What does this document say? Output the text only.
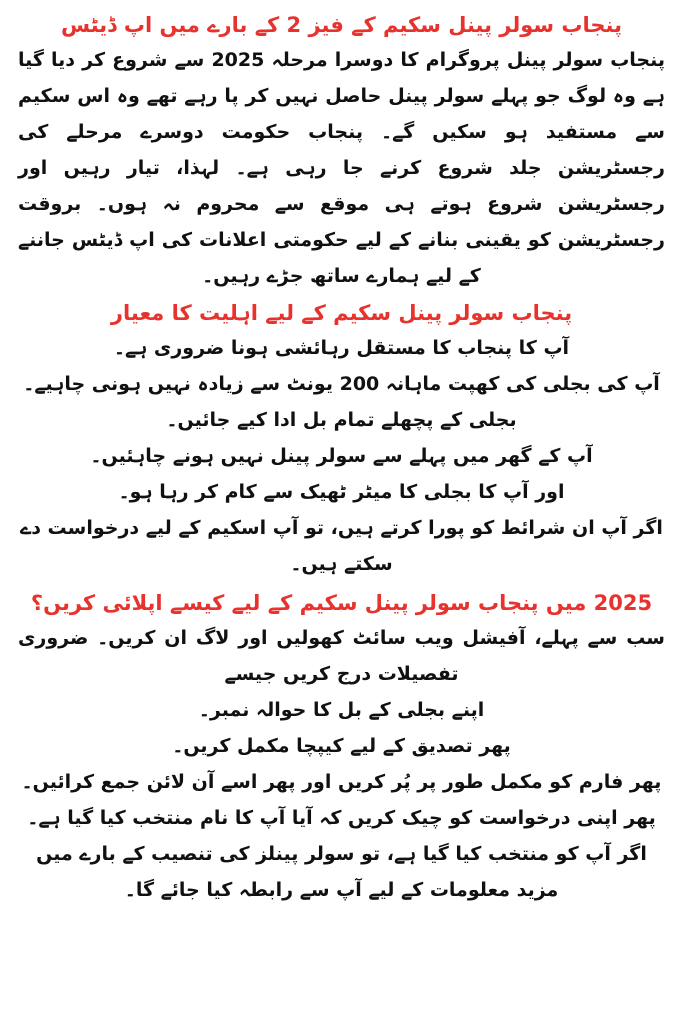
پنجاب سولر پینل سکیم کے فیز 2 کے بارے میں اپ ڈیٹس

پنجاب سولر پینل پروگرام کا دوسرا مرحلہ 2025 سے شروع کر دیا گیا ہے وہ لوگ جو پہلے سولر پینل حاصل نہیں کر پا رہے تھے وہ اس سکیم سے مستفید ہو سکیں گے۔ پنجاب حکومت دوسرے مرحلے کی رجسٹریشن جلد شروع کرنے جا رہی ہے۔ لہذا، تیار رہیں اور رجسٹریشن شروع ہوتے ہی موقع سے محروم نہ ہوں۔ بروقت رجسٹریشن کو یقینی بنانے کے لیے حکومتی اعلانات کی اپ ڈیٹس جاننے کے لیے ہمارے ساتھ جڑے رہیں۔

پنجاب سولر پینل سکیم کے لیے اہلیت کا معیار
آپ کا پنجاب کا مستقل رہائشی ہونا ضروری ہے۔
آپ کی بجلی کی کھپت ماہانہ 200 یونٹ سے زیادہ نہیں ہونی چاہیے۔
بجلی کے پچھلے تمام بل ادا کیے جائیں۔
آپ کے گھر میں پہلے سے سولر پینل نہیں ہونے چاہئیں۔
اور آپ کا بجلی کا میٹر ٹھیک سے کام کر رہا ہو۔
اگر آپ ان شرائط کو پورا کرتے ہیں، تو آپ اسکیم کے لیے درخواست دے سکتے ہیں۔
2025 میں پنجاب سولر پینل سکیم کے لیے کیسے اپلائی کریں؟

سب سے پہلے، آفیشل ویب سائٹ کھولیں اور لاگ ان کریں۔ ضروری تفصیلات درج کریں جیسے

اپنے بجلی کے بل کا حوالہ نمبر۔
پھر تصدیق کے لیے کیپچا مکمل کریں۔
پھر فارم کو مکمل طور پر پُر کریں اور پھر اسے آن لائن جمع کرائیں۔
پھر اپنی درخواست کو چیک کریں کہ آیا آپ کا نام منتخب کیا گیا ہے۔
اگر آپ کو منتخب کیا گیا ہے، تو سولر پینلز کی تنصیب کے بارے میں مزید معلومات کے لیے آپ سے رابطہ کیا جائے گا۔
